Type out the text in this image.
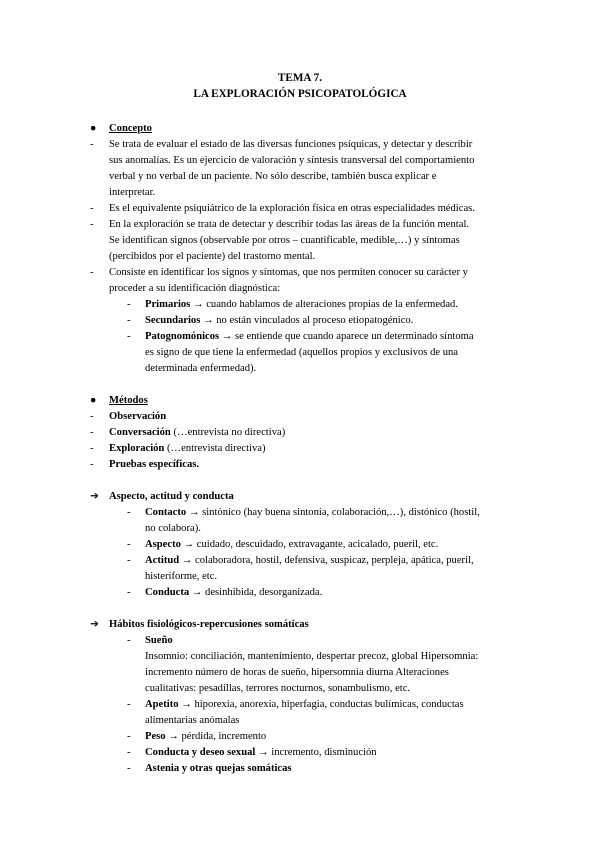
TEMA 7.
LA EXPLORACIÓN PSICOPATOLÓGICA
● Concepto
- Se trata de evaluar el estado de las diversas funciones psíquicas, y detectar y describir
sus anomalías. Es un ejercicio de valoración y síntesis transversal del comportamiento
verbal y no verbal de un paciente. No sólo describe, también busca explicar e
interpretar.
- Es el equivalente psiquiátrico de la exploración física en otras especialidades médicas.
- En la exploración se trata de detectar y describir todas las áreas de la función mental.
Se identifican signos (observable por otros – cuantificable, medible,…) y síntomas
(percibidos por el paciente) del trastorno mental.
- Consiste en identificar los signos y síntomas, que nos permiten conocer su carácter y
proceder a su identificación diagnóstica:
- Primarios → cuando hablamos de alteraciones propias de la enfermedad.
- Secundarios → no están vinculados al proceso etiopatogénico.
- Patognomónicos → se entiende que cuando aparece un determinado síntoma
es signo de que tiene la enfermedad (aquellos propios y exclusivos de una
determinada enfermedad).
● Métodos
- Observación
- Conversación (…entrevista no directiva)
- Exploración (…entrevista directiva)
- Pruebas específicas.
➔ Aspecto, actitud y conducta
- Contacto → sintónico (hay buena sintonía, colaboración,…), distónico (hostil,
no colabora).
- Aspecto → cuidado, descuidado, extravagante, acicalado, pueril, etc.
- Actitud → colaboradora, hostil, defensiva, suspicaz, perpleja, apática, pueril,
histeriforme, etc.
- Conducta → desinhibida, desorganizada.
➔ Hábitos fisiológicos-repercusiones somáticas
- Sueño
Insomnio: conciliación, mantenimiento, despertar precoz, global Hipersomnia:
incremento número de horas de sueño, hipersomnia diurna Alteraciones
cualitativas: pesadillas, terrores nocturnos, sonambulismo, etc.
- Apetito → hiporexia, anorexia, hiperfagia, conductas bulímicas, conductas
alimentarias anómalas
- Peso → pérdida, incremento
- Conducta y deseo sexual → incremento, disminución
- Astenia y otras quejas somáticas
